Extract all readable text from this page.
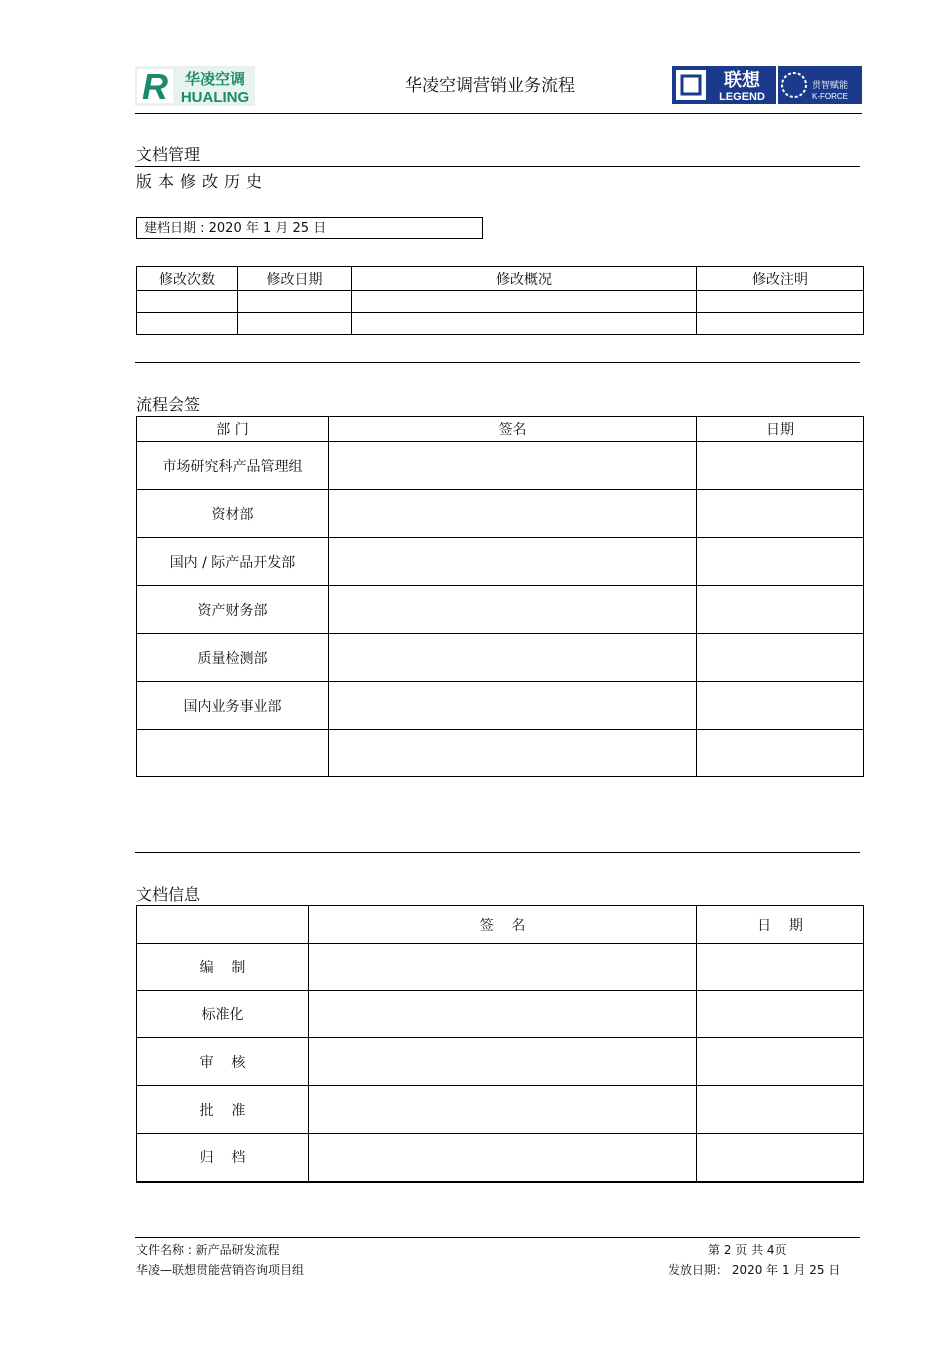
R 华凌空调
HUALING
华凌空调营销业务流程	联想
LEGEND
贯智赋能
K-FORCE
文档管理
版本修改历史
建档日期 : 2020 年 1 月 25 日
修改次数	修改日期	修改概况	修改注明

流程会签
部 门	签名	日期
市场研究科产品管理组		
资材部		
国内 / 际产品开发部		
资产财务部		
质量检测部		
国内业务事业部		

文档信息
	签    名	日    期
编    制		
标准化		
审    核		
批    准		
归    档		
文件名称 : 新产品研发流程	第 2 页 共 4页
华凌—联想贯能营销咨询项目组	发放日期： 2020 年 1 月 25 日
